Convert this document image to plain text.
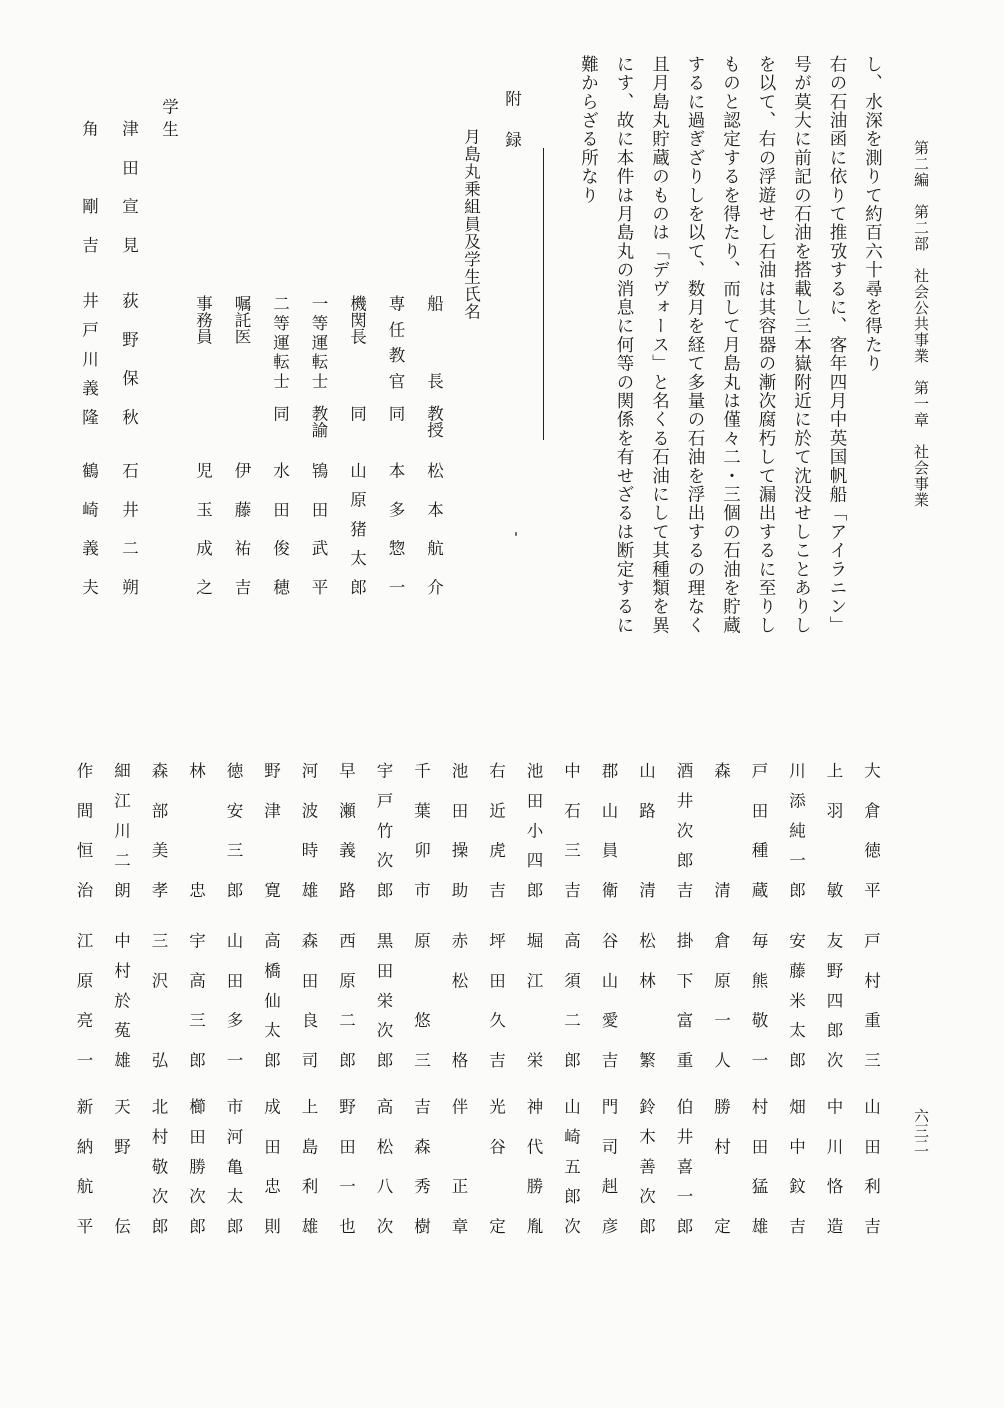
第二編　第二部　社会公共事業　第一章　社会事業
六三二
し、水深を測りて約百六十尋を得たり
右の石油函に依りて推攷するに、客年四月中英国帆船「アイラニン」
号が莫大に前記の石油を搭載し三本嶽附近に於て沈没せしことありし
を以て、右の浮遊せし石油は其容器の漸次腐朽して漏出するに至りし
ものと認定するを得たり、而して月島丸は僅々二・三個の石油を貯蔵
するに過ぎざりしを以て、数月を経て多量の石油を浮出するの理なく
且月島丸貯蔵のものは「デヴォース」と名くる石油にして其種類を異
にす、故に本件は月島丸の消息に何等の関係を有せざるは断定するに
難からざる所なり
附　録
月島丸乗組員及学生氏名
船　　長
教授
松本航介
専任教官
同
本多惣一
機関長
同
山原猪太郎
一等運転士
教諭
鴇田武平
二等運転士
同
水田俊穂
嘱託医
伊藤祐吉
事務員
児玉成之
学生
津田宣見
荻野保秋
石井二朔
角　剛吉
井戸川義隆
鶴崎義夫
大倉徳平
戸村重三
山田利吉
上羽　敏
友野四郎次
中川恪造
川添純一郎
安藤米太郎
畑中鈫吉
戸田種蔵
毎熊敬一
村田猛雄
森　　清
倉原一人
勝村　定
酒井次郎吉
掛下富重
伯井喜一郎
山路　清
松林　繁
鈴木善次郎
郡山員衛
谷山愛吉
門司赳彦
中石三吉
高須二郎
山崎五郎次
池田小四郎
堀江　栄
神代勝胤
右近虎吉
坪田久吉
光谷　定
池田操助
赤松　格
伴　正章
千葉卯市
原　悠三
吉森秀樹
宇戸竹次郎
黒田栄次郎
高松八次
早瀬義路
西原二郎
野田一也
河波時雄
森田良司
上島利雄
野津　寛
高橋仙太郎
成田忠則
徳安三郎
山田多一
市河亀太郎
林　　忠
宇高三郎
櫛田勝次郎
森部美孝
三沢　弘
北村敬次郎
細江川二朗
中村於菟雄
天野　伝
作間恒治
江原亮一
新納航平
